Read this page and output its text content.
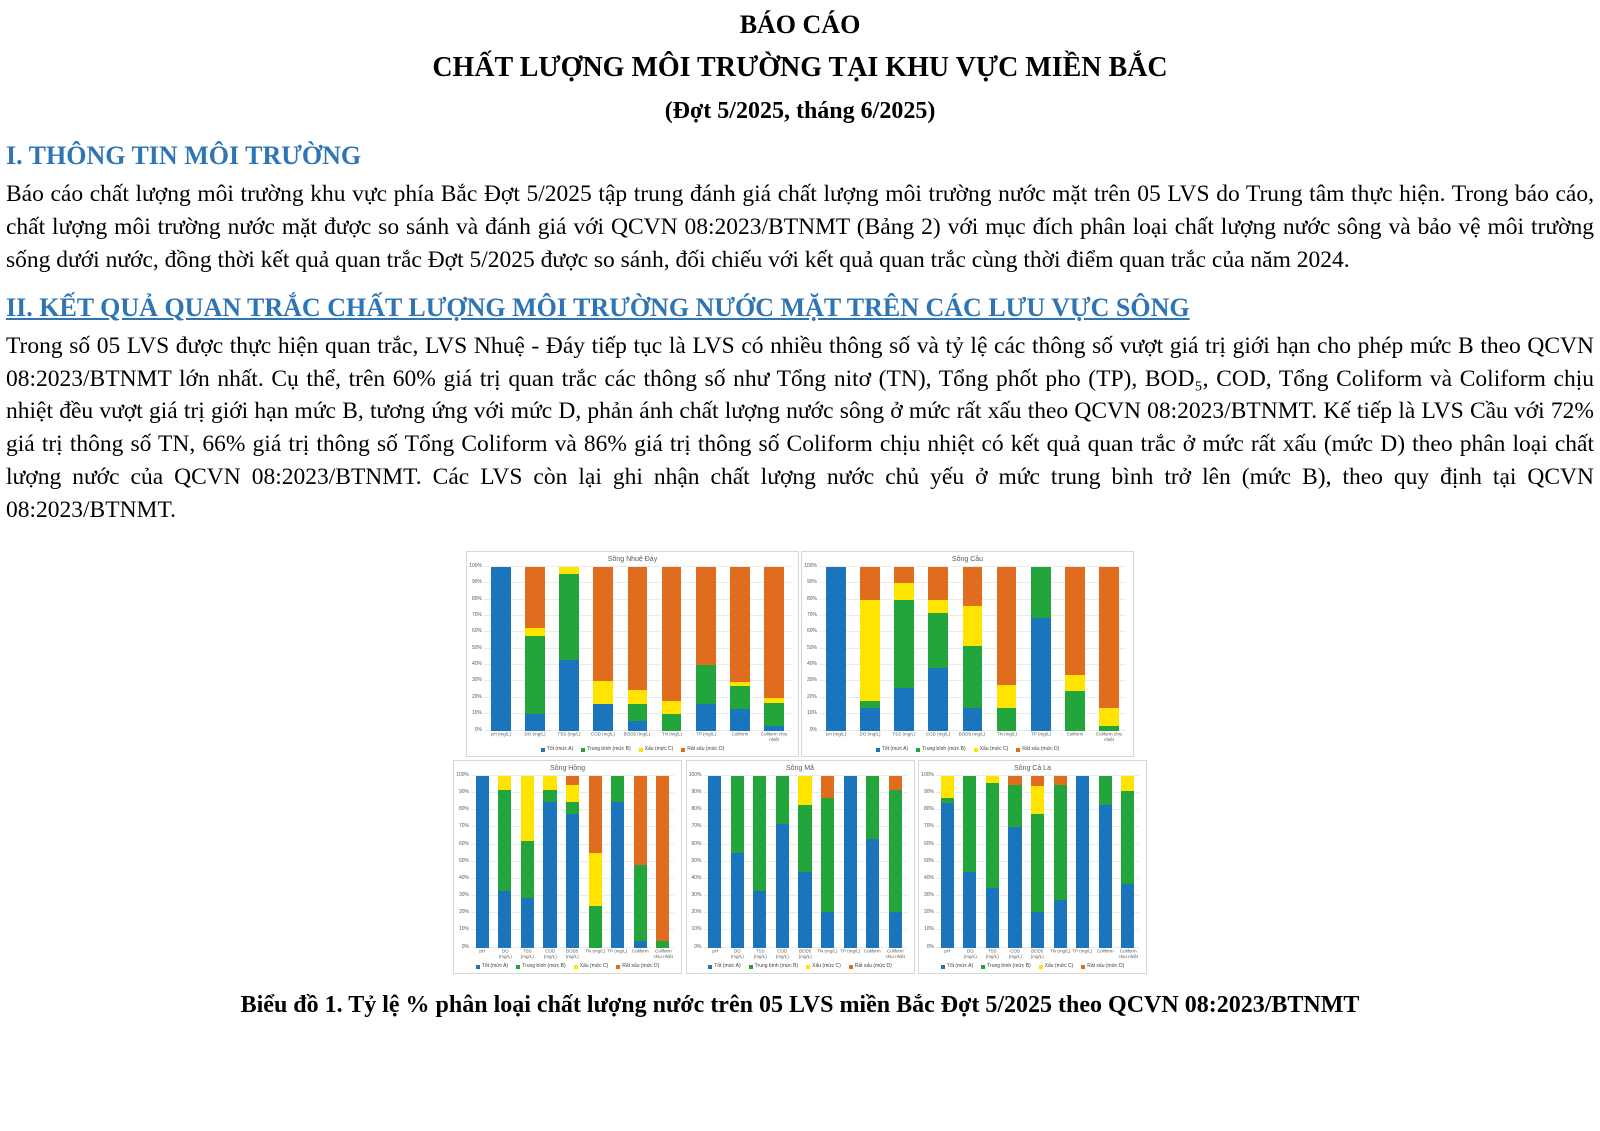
BÁO CÁO
CHẤT LƯỢNG MÔI TRƯỜNG TẠI KHU VỰC MIỀN BẮC
(Đợt 5/2025, tháng 6/2025)
I. THÔNG TIN MÔI TRƯỜNG

Báo cáo chất lượng môi trường khu vực phía Bắc Đợt 5/2025 tập trung đánh giá chất lượng môi trường nước mặt trên 05 LVS do Trung tâm thực hiện. Trong báo cáo, chất lượng môi trường nước mặt được so sánh và đánh giá với QCVN 08:2023/BTNMT (Bảng 2) với mục đích phân loại chất lượng nước sông và bảo vệ môi trường sống dưới nước, đồng thời kết quả quan trắc Đợt 5/2025 được so sánh, đối chiếu với kết quả quan trắc cùng thời điểm quan trắc của năm 2024.

II. KẾT QUẢ QUAN TRẮC CHẤT LƯỢNG MÔI TRƯỜNG NƯỚC MẶT TRÊN CÁC LƯU VỰC SÔNG

Trong số 05 LVS được thực hiện quan trắc, LVS Nhuệ - Đáy tiếp tục là LVS có nhiều thông số và tỷ lệ các thông số vượt giá trị giới hạn cho phép mức B theo QCVN 08:2023/BTNMT lớn nhất. Cụ thể, trên 60% giá trị quan trắc các thông số như Tổng nitơ (TN), Tổng phốt pho (TP), BOD₅, COD, Tổng Coliform và Coliform chịu nhiệt đều vượt giá trị giới hạn mức B, tương ứng với mức D, phản ánh chất lượng nước sông ở mức rất xấu theo QCVN 08:2023/BTNMT. Kế tiếp là LVS Cầu với 72% giá trị thông số TN, 66% giá trị thông số Tổng Coliform và 86% giá trị thông số Coliform chịu nhiệt có kết quả quan trắc ở mức rất xấu (mức D) theo phân loại chất lượng nước của QCVN 08:2023/BTNMT. Các LVS còn lại ghi nhận chất lượng nước chủ yếu ở mức trung bình trở lên (mức B), theo quy định tại QCVN 08:2023/BTNMT.

Sông Nhuệ Đáy
0%
10%
20%
30%
40%
50%
60%
70%
80%
90%
100%
pH (mg/L)	DO (mg/L)	TSS (mg/L)	COD (mg/L)	BOD5 (mg/L)	TN (mg/L)	TP (mg/L)	Coliform	Coliform chịu nhiệt
Tốt (mức A)	Trung bình (mức B)	Xấu (mức C)	Rất xấu (mức D)
Sông Cầu
0%
10%
20%
30%
40%
50%
60%
70%
80%
90%
100%
pH (mg/L)	DO (mg/L)	TSS (mg/L)	COD (mg/L)	BOD5 (mg/L)	TN (mg/L)	TP (mg/L)	Coliform	Coliform chịu nhiệt
Tốt (mức A)	Trung bình (mức B)	Xấu (mức C)	Rất xấu (mức D)
Sông Hồng
0%
10%
20%
30%
40%
50%
60%
70%
80%
90%
100%
pH	DO (mg/L)
TSS (mg/L)
COD (mg/L)
BOD5 (mg/L)
TN (mg/L) TP (mg/L) Coliform	Coliform chịu nhiệt
Tốt (mức A)	Trung bình (mức B)	Xấu (mức C)	Rất xấu (mức D)
Sông Mã
0%
10%
20%
30%
40%
50%
60%
70%
80%
90%
100%
pH	DO (mg/L)
TSS (mg/L)
COD (mg/L)
BOD5 (mg/L)
TN (mg/L) TP (mg/L) Coliform	Coliform chịu nhiệt
Tốt (mức A)	Trung bình (mức B)	Xấu (mức C)	Rất xấu (mức D)
Sông Cả La
0%
10%
20%
30%
40%
50%
60%
70%
80%
90%
100%
pH	DO (mg/L)
TSS (mg/L)
COD (mg/L)
BOD5 (mg/L)
TN (mg/L) TP (mg/L) Coliform	Coliform chịu nhiệt
Tốt (mức A)	Trung bình (mức B)	Xấu (mức C)	Rất xấu (mức D)

Biểu đồ 1. Tỷ lệ % phân loại chất lượng nước trên 05 LVS miền Bắc Đợt 5/2025 theo QCVN 08:2023/BTNMT
